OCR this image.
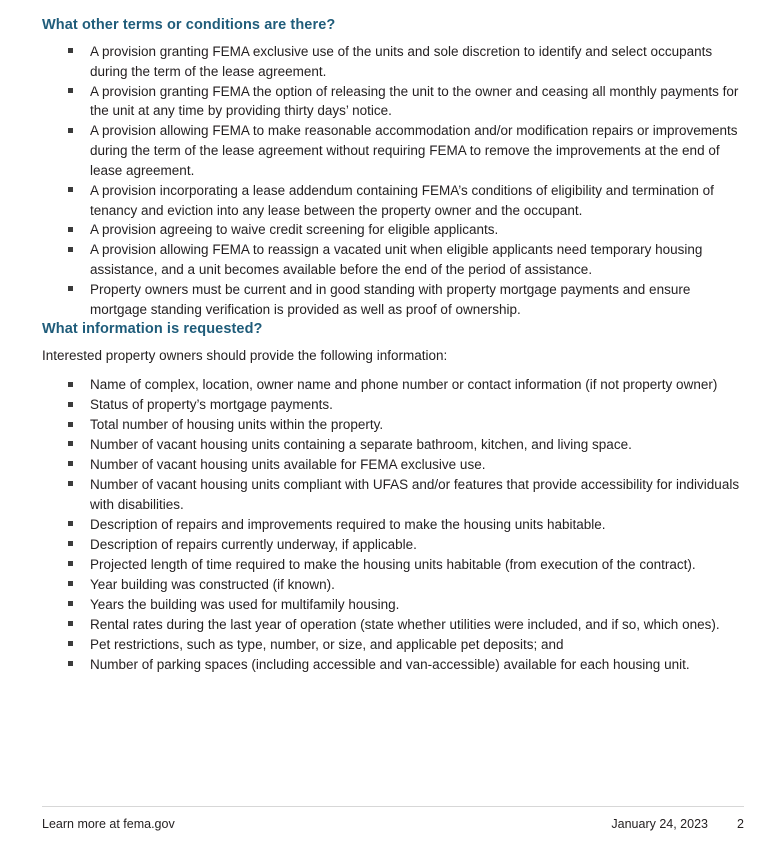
What other terms or conditions are there?
A provision granting FEMA exclusive use of the units and sole discretion to identify and select occupants during the term of the lease agreement.
A provision granting FEMA the option of releasing the unit to the owner and ceasing all monthly payments for the unit at any time by providing thirty days’ notice.
A provision allowing FEMA to make reasonable accommodation and/or modification repairs or improvements during the term of the lease agreement without requiring FEMA to remove the improvements at the end of lease agreement.
A provision incorporating a lease addendum containing FEMA’s conditions of eligibility and termination of tenancy and eviction into any lease between the property owner and the occupant.
A provision agreeing to waive credit screening for eligible applicants.
A provision allowing FEMA to reassign a vacated unit when eligible applicants need temporary housing assistance, and a unit becomes available before the end of the period of assistance.
Property owners must be current and in good standing with property mortgage payments and ensure mortgage standing verification is provided as well as proof of ownership.
What information is requested?

Interested property owners should provide the following information:

Name of complex, location, owner name and phone number or contact information (if not property owner)
Status of property’s mortgage payments.
Total number of housing units within the property.
Number of vacant housing units containing a separate bathroom, kitchen, and living space.
Number of vacant housing units available for FEMA exclusive use.
Number of vacant housing units compliant with UFAS and/or features that provide accessibility for individuals with disabilities.
Description of repairs and improvements required to make the housing units habitable.
Description of repairs currently underway, if applicable.
Projected length of time required to make the housing units habitable (from execution of the contract).
Year building was constructed (if known).
Years the building was used for multifamily housing.
Rental rates during the last year of operation (state whether utilities were included, and if so, which ones).
Pet restrictions, such as type, number, or size, and applicable pet deposits; and
Number of parking spaces (including accessible and van-accessible) available for each housing unit.
Learn more at fema.gov	January 24, 2023 2
